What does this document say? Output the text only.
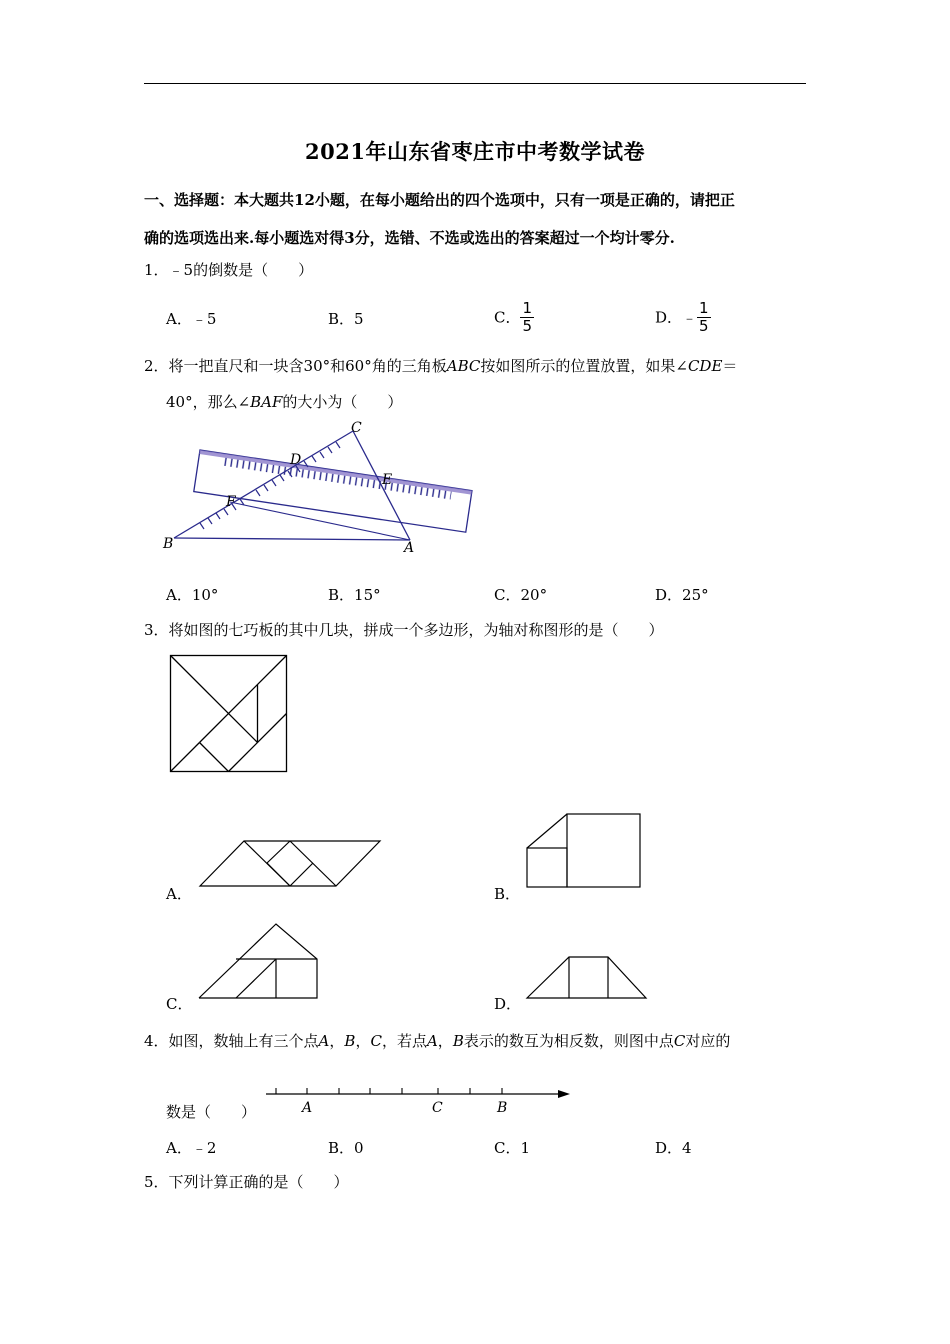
2021年山东省枣庄市中考数学试卷
一、选择题：本大题共12小题，在每小题给出的四个选项中，只有一项是正确的，请把正
确的选项选出来.每小题选对得3分，选错、不选或选出的答案超过一个均计零分.
1．﹣5的倒数是（　　）
A．﹣5	B．5	C． $\frac{1}{5}$	D．﹣ $\frac{1}{5}$
2．将一把直尺和一块含30°和60°角的三角板ABC按如图所示的位置放置，如果∠CDE＝
40°，那么∠BAF的大小为（　　）
C
D
E
F
B	A
A．10°	B．15°	C．20°	D．25°
3．将如图的七巧板的其中几块，拼成一个多边形，为轴对称图形的是（　　）
A．	B．
C．	D．
4．如图，数轴上有三个点A，B，C，若点A，B表示的数互为相反数，则图中点C对应的
A	C	B
数是（　　）
A．﹣2	B．0	C．1	D．4
5．下列计算正确的是（　　）
